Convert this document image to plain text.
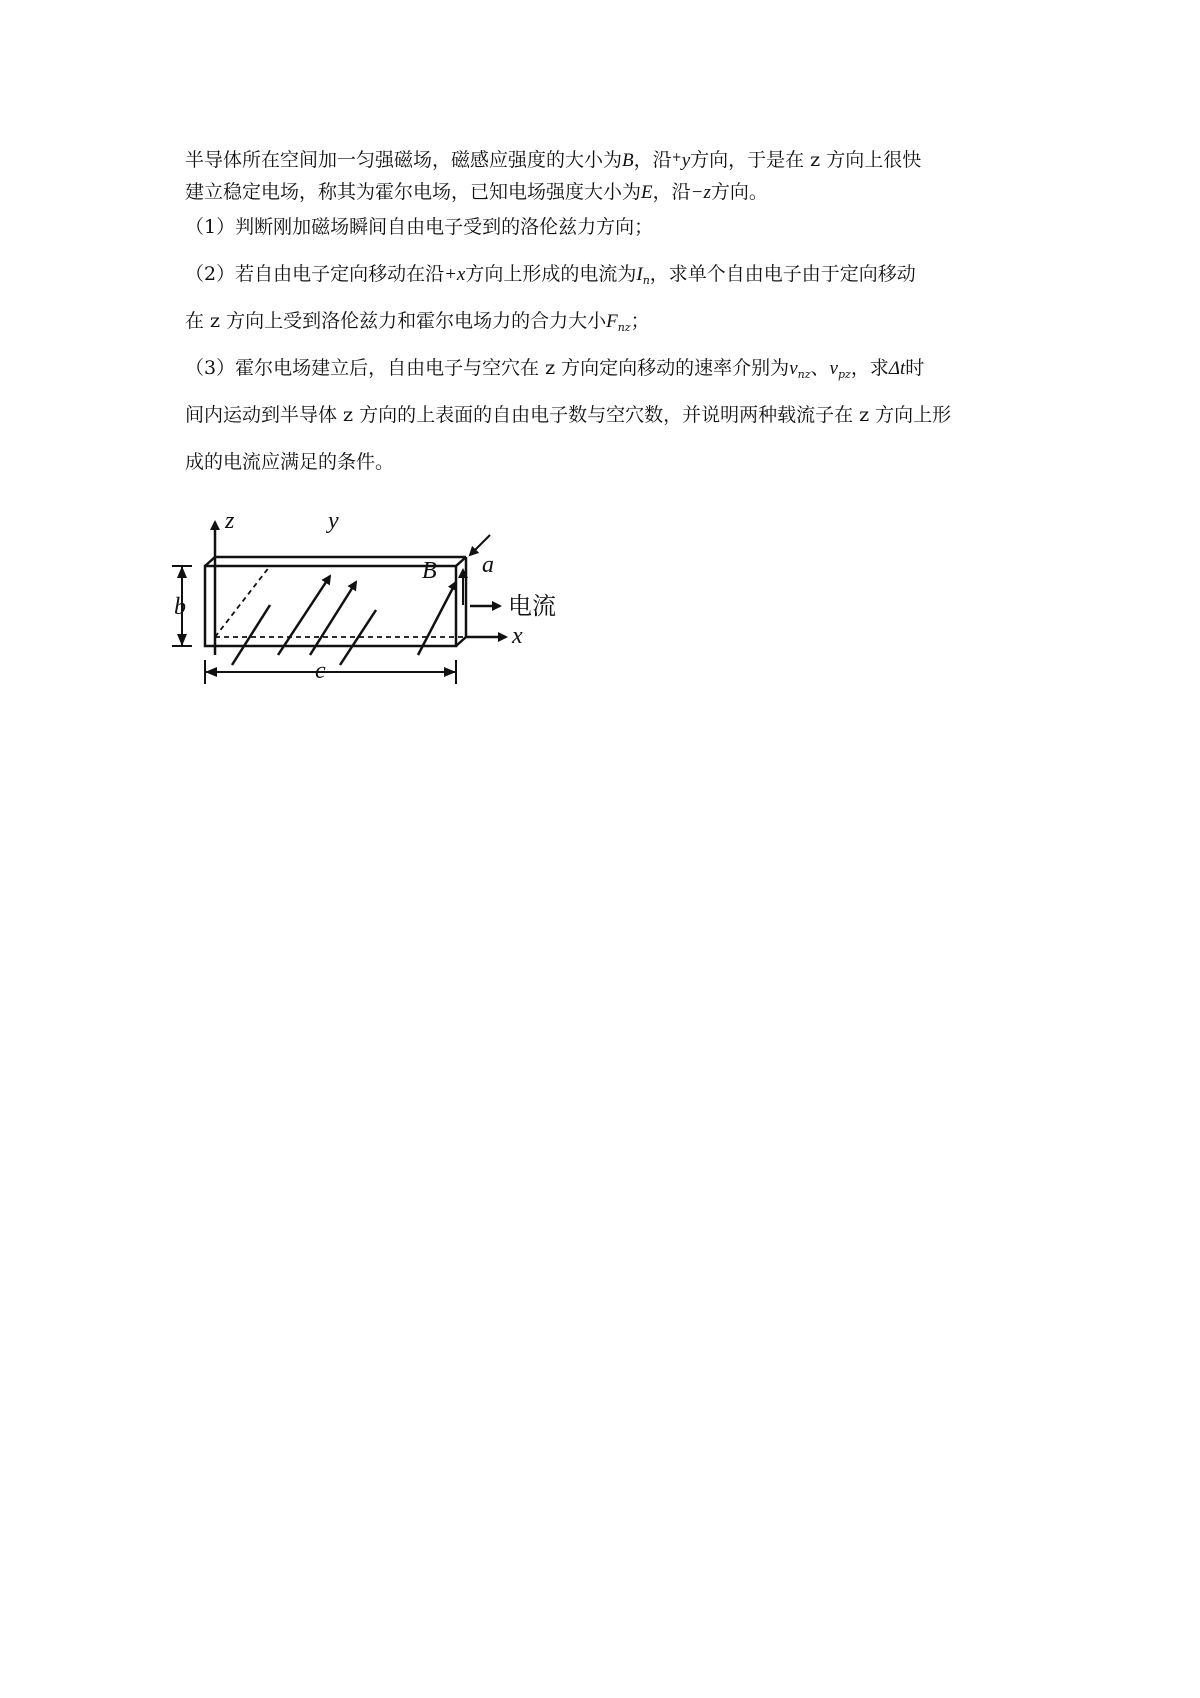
半导体所在空间加一匀强磁场，磁感应强度的大小为B，沿+y方向，于是在 z 方向上很快
建立稳定电场，称其为霍尔电场，已知电场强度大小为E，沿−z方向。
（1）判断刚加磁场瞬间自由电子受到的洛伦兹力方向；
（2）若自由电子定向移动在沿+x方向上形成的电流为$I_n$，求单个自由电子由于定向移动
在 z 方向上受到洛伦兹力和霍尔电场力的合力大小$F_{nz}$；
（3）霍尔电场建立后，自由电子与空穴在 z 方向定向移动的速率介别为$v_{nz}$、$v_{pz}$，求Δt时
间内运动到半导体 z 方向的上表面的自由电子数与空穴数，并说明两种载流子在 z 方向上形
成的电流应满足的条件。
z	y
B a
b
c
x
电流
